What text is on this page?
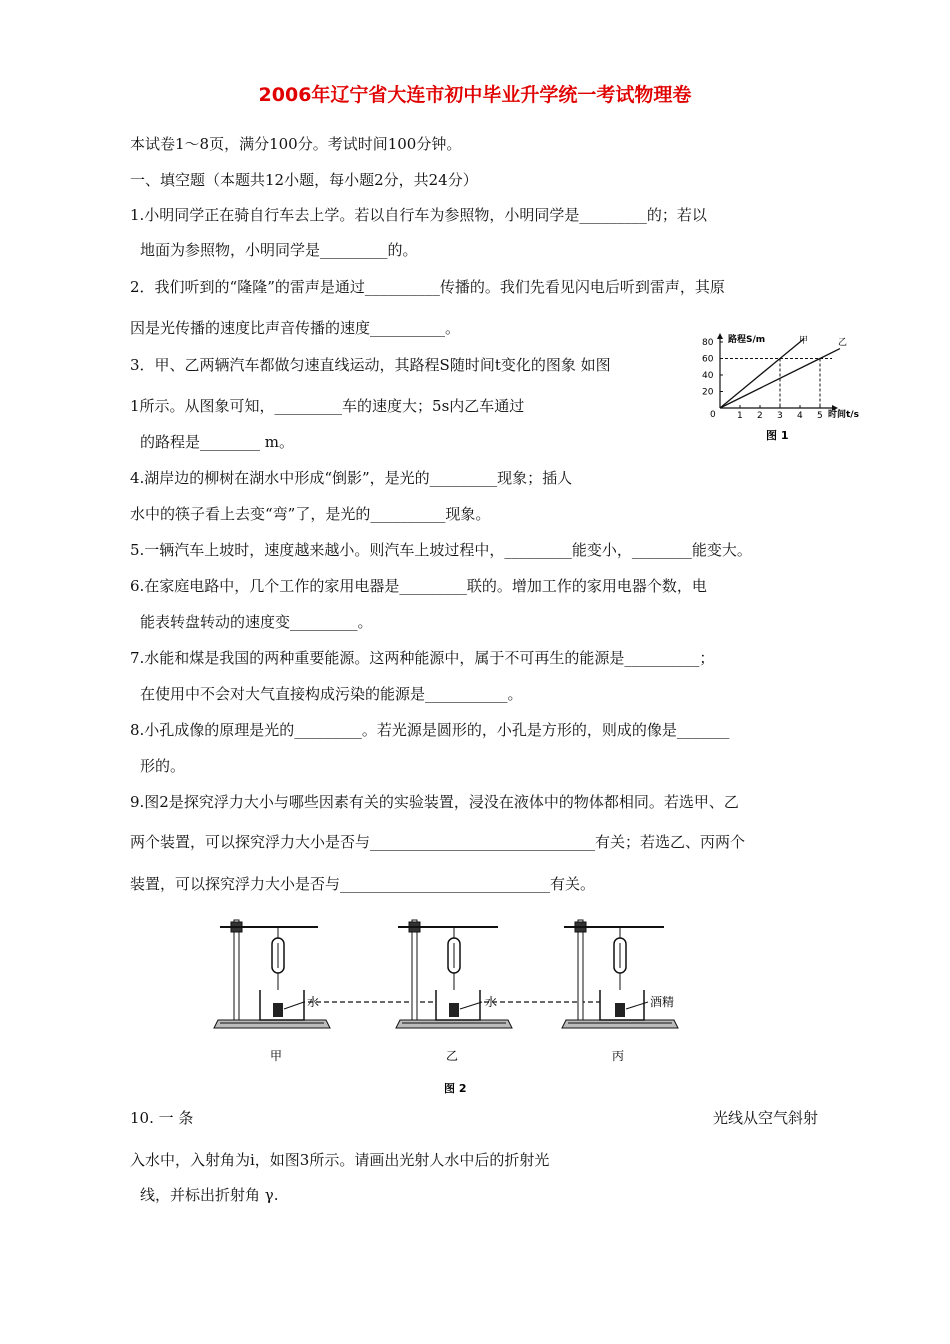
2006年辽宁省大连市初中毕业升学统一考试物理卷
本试卷1～8页，满分100分。考试时间100分钟。
一、填空题（本题共12小题，每小题2分，共24分）
1.小明同学正在骑自行车去上学。若以自行车为参照物，小明同学是_________的；若以
地面为参照物，小明同学是_________的。
2．我们听到的“隆隆”的雷声是通过__________传播的。我们先看见闪电后听到雷声，其原
因是光传播的速度比声音传播的速度__________。
3．甲、乙两辆汽车都做匀速直线运动，其路程S随时间t变化的图象 如图
1所示。从图象可知，_________车的速度大；5s内乙车通过
的路程是________ m。
4.湖岸边的柳树在湖水中形成“倒影”，是光的_________现象；插人
水中的筷子看上去变“弯”了，是光的__________现象。
5.一辆汽车上坡时，速度越来越小。则汽车上坡过程中，_________能变小，________能变大。
6.在家庭电路中，几个工作的家用电器是_________联的。增加工作的家用电器个数，电
能表转盘转动的速度变_________。
7.水能和煤是我国的两种重要能源。这两种能源中，属于不可再生的能源是__________；
在使用中不会对大气直接构成污染的能源是___________。
8.小孔成像的原理是光的_________。若光源是圆形的，小孔是方形的，则成的像是_______
形的。
9.图2是探究浮力大小与哪些因素有关的实验装置，浸没在液体中的物体都相同。若选甲、乙
两个装置，可以探究浮力大小是否与______________________________有关；若选乙、丙两个
装置，可以探究浮力大小是否与____________________________有关。
10. 一 条	光线从空气斜射
入水中，入射角为i，如图3所示。请画出光射人水中后的折射光
线，并标出折射角 γ.
0
20
40
60
80
1 2 3 4 5
甲	乙
路程S/m
时间t/s
图 1
水
甲
水
乙
酒精
丙
图 2
